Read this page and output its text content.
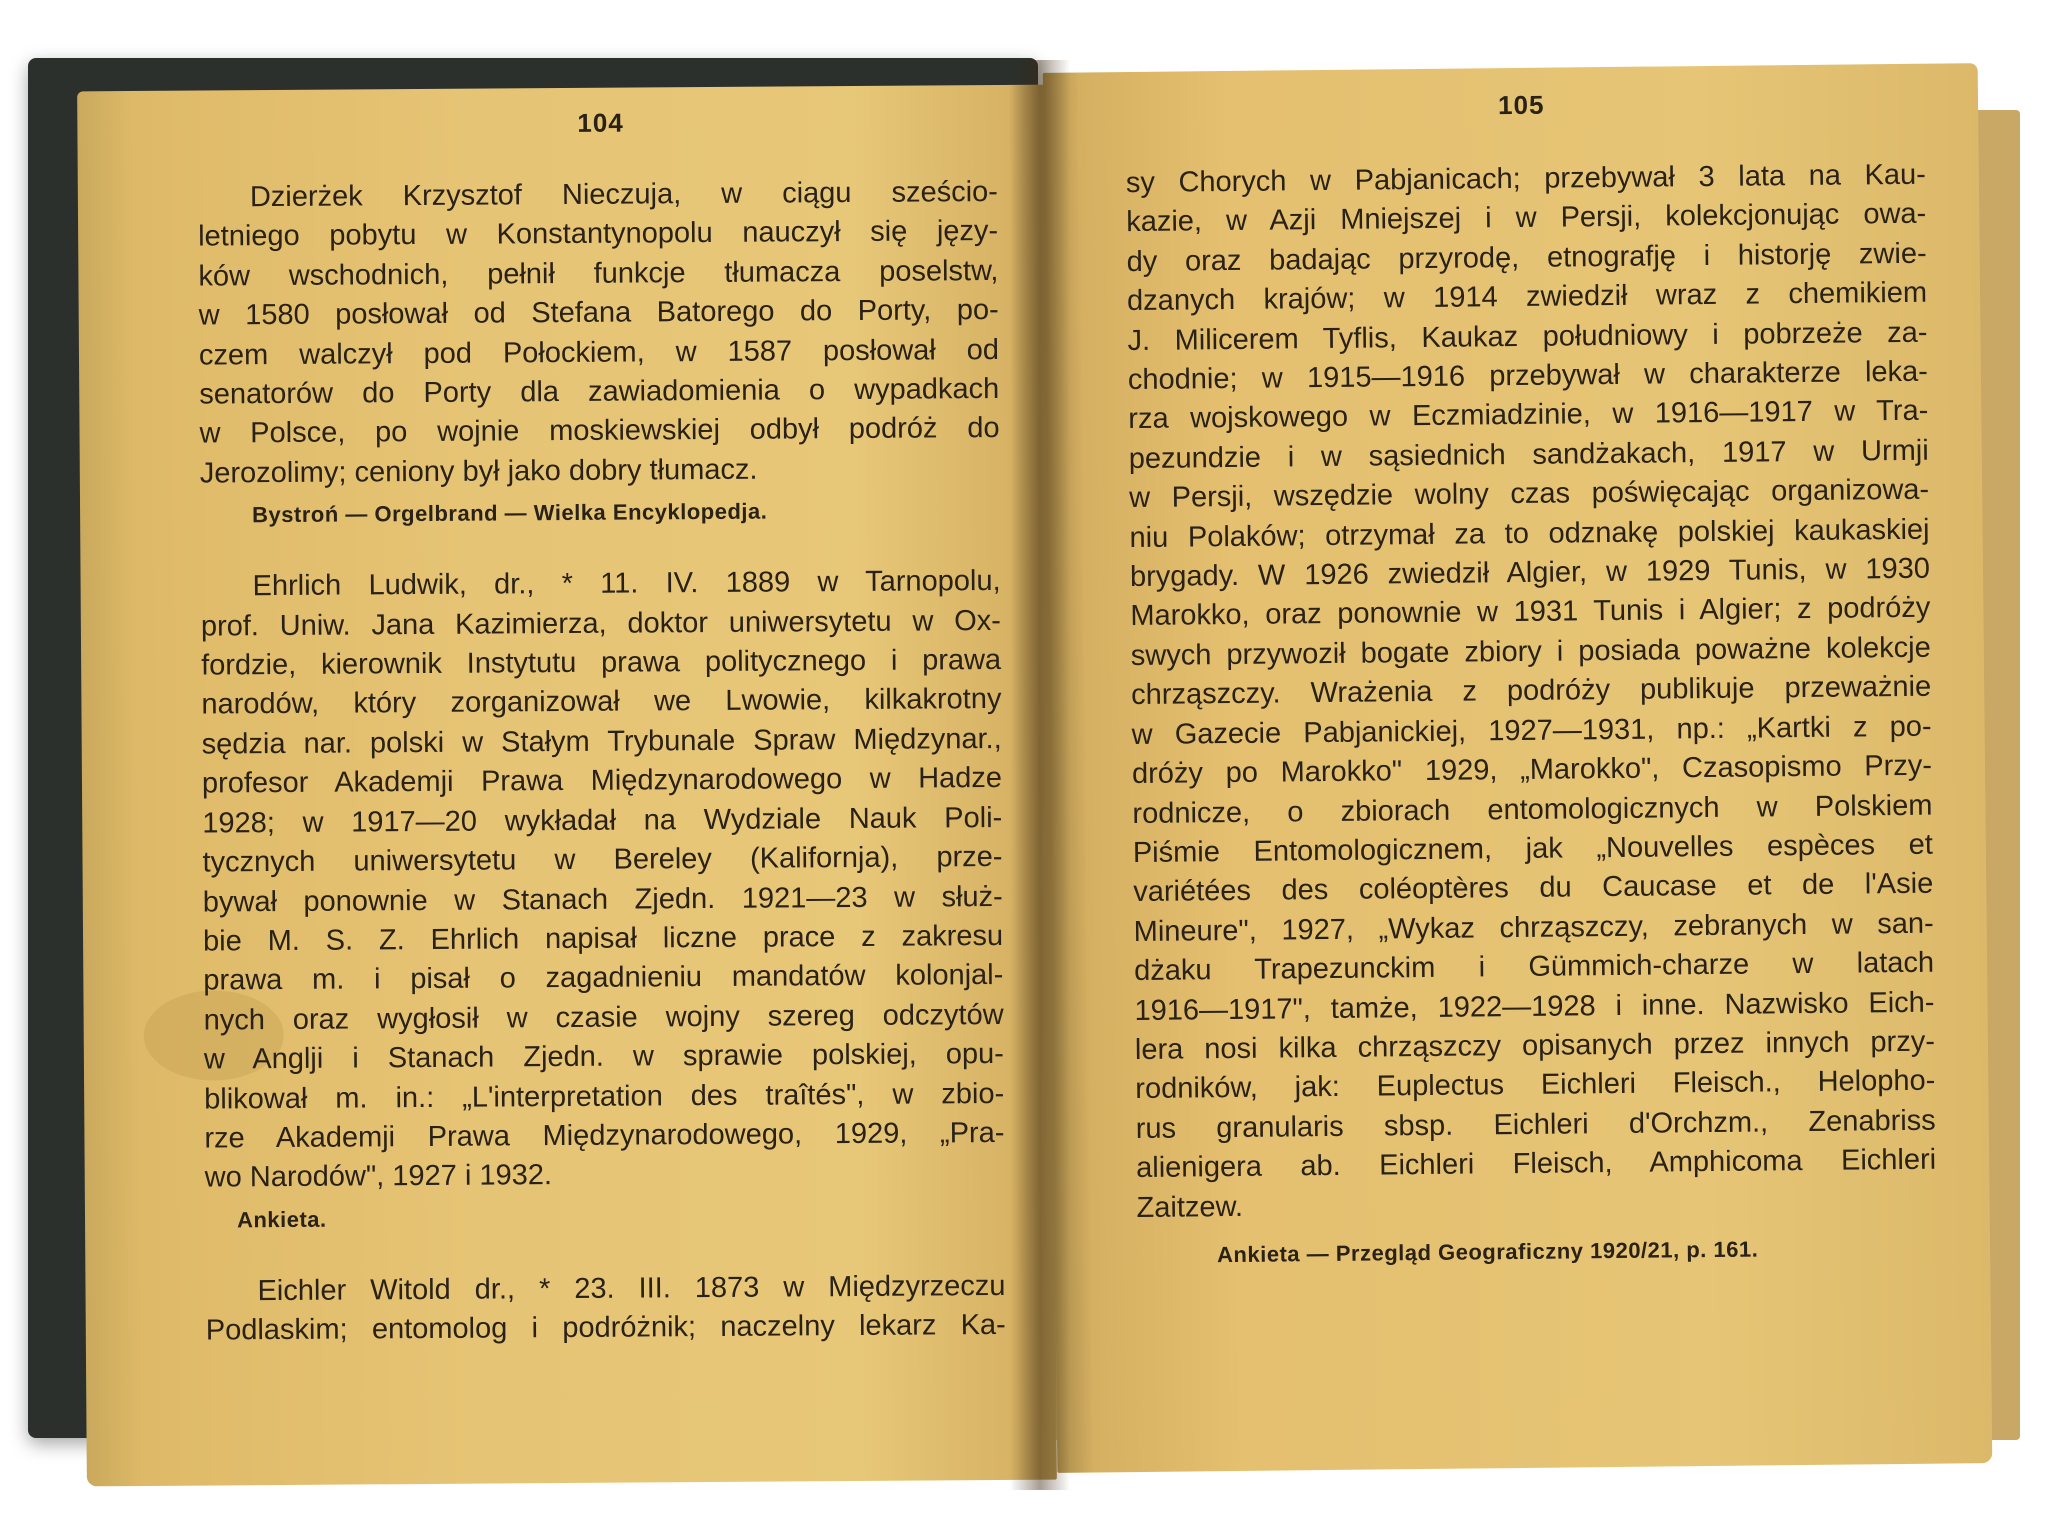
104
Dzierżek Krzysztof Nieczuja, w ciągu sześcio-
letniego pobytu w Konstantynopolu nauczył się języ-
ków wschodnich, pełnił funkcje tłumacza poselstw,
w 1580 posłował od Stefana Batorego do Porty, po-
czem walczył pod Połockiem, w 1587 posłował od
senatorów do Porty dla zawiadomienia o wypadkach
w Polsce, po wojnie moskiewskiej odbył podróż do
Jerozolimy; ceniony był jako dobry tłumacz.
Bystroń — Orgelbrand — Wielka Encyklopedja.
Ehrlich Ludwik, dr., * 11. IV. 1889 w Tarnopolu,
prof. Uniw. Jana Kazimierza, doktor uniwersytetu w Ox-
fordzie, kierownik Instytutu prawa politycznego i prawa
narodów, który zorganizował we Lwowie, kilkakrotny
sędzia nar. polski w Stałym Trybunale Spraw Międzynar.,
profesor Akademji Prawa Międzynarodowego w Hadze
1928; w 1917—20 wykładał na Wydziale Nauk Poli-
tycznych uniwersytetu w Bereley (Kalifornja), prze-
bywał ponownie w Stanach Zjedn. 1921—23 w służ-
bie M. S. Z. Ehrlich napisał liczne prace z zakresu
prawa m. i pisał o zagadnieniu mandatów kolonjal-
nych oraz wygłosił w czasie wojny szereg odczytów
w Anglji i Stanach Zjedn. w sprawie polskiej, opu-
blikował m. in.: „L'interpretation des traîtés", w zbio-
rze Akademji Prawa Międzynarodowego, 1929, „Pra-
wo Narodów", 1927 i 1932.
Ankieta.
Eichler Witold dr., * 23. III. 1873 w Międzyrzeczu
Podlaskim; entomolog i podróżnik; naczelny lekarz Ka-
105
sy Chorych w Pabjanicach; przebywał 3 lata na Kau-
kazie, w Azji Mniejszej i w Persji, kolekcjonując owa-
dy oraz badając przyrodę, etnografję i historję zwie-
dzanych krajów; w 1914 zwiedził wraz z chemikiem
J. Milicerem Tyflis, Kaukaz południowy i pobrzeże za-
chodnie; w 1915—1916 przebywał w charakterze leka-
rza wojskowego w Eczmiadzinie, w 1916—1917 w Tra-
pezundzie i w sąsiednich sandżakach, 1917 w Urmji
w Persji, wszędzie wolny czas poświęcając organizowa-
niu Polaków; otrzymał za to odznakę polskiej kaukaskiej
brygady. W 1926 zwiedził Algier, w 1929 Tunis, w 1930
Marokko, oraz ponownie w 1931 Tunis i Algier; z podróży
swych przywoził bogate zbiory i posiada poważne kolekcje
chrząszczy. Wrażenia z podróży publikuje przeważnie
w Gazecie Pabjanickiej, 1927—1931, np.: „Kartki z po-
dróży po Marokko" 1929, „Marokko", Czasopismo Przy-
rodnicze, o zbiorach entomologicznych w Polskiem
Piśmie Entomologicznem, jak „Nouvelles espèces et
variétées des coléoptères du Caucase et de l'Asie
Mineure", 1927, „Wykaz chrząszczy, zebranych w san-
dżaku Trapezunckim i Gümmich-charze w latach
1916—1917", tamże, 1922—1928 i inne. Nazwisko Eich-
lera nosi kilka chrząszczy opisanych przez innych przy-
rodników, jak: Euplectus Eichleri Fleisch., Helopho-
rus granularis sbsp. Eichleri d'Orchzm., Zenabriss
alienigera ab. Eichleri Fleisch, Amphicoma Eichleri
Zaitzew.
Ankieta — Przegląd Geograficzny 1920/21, p. 161.
